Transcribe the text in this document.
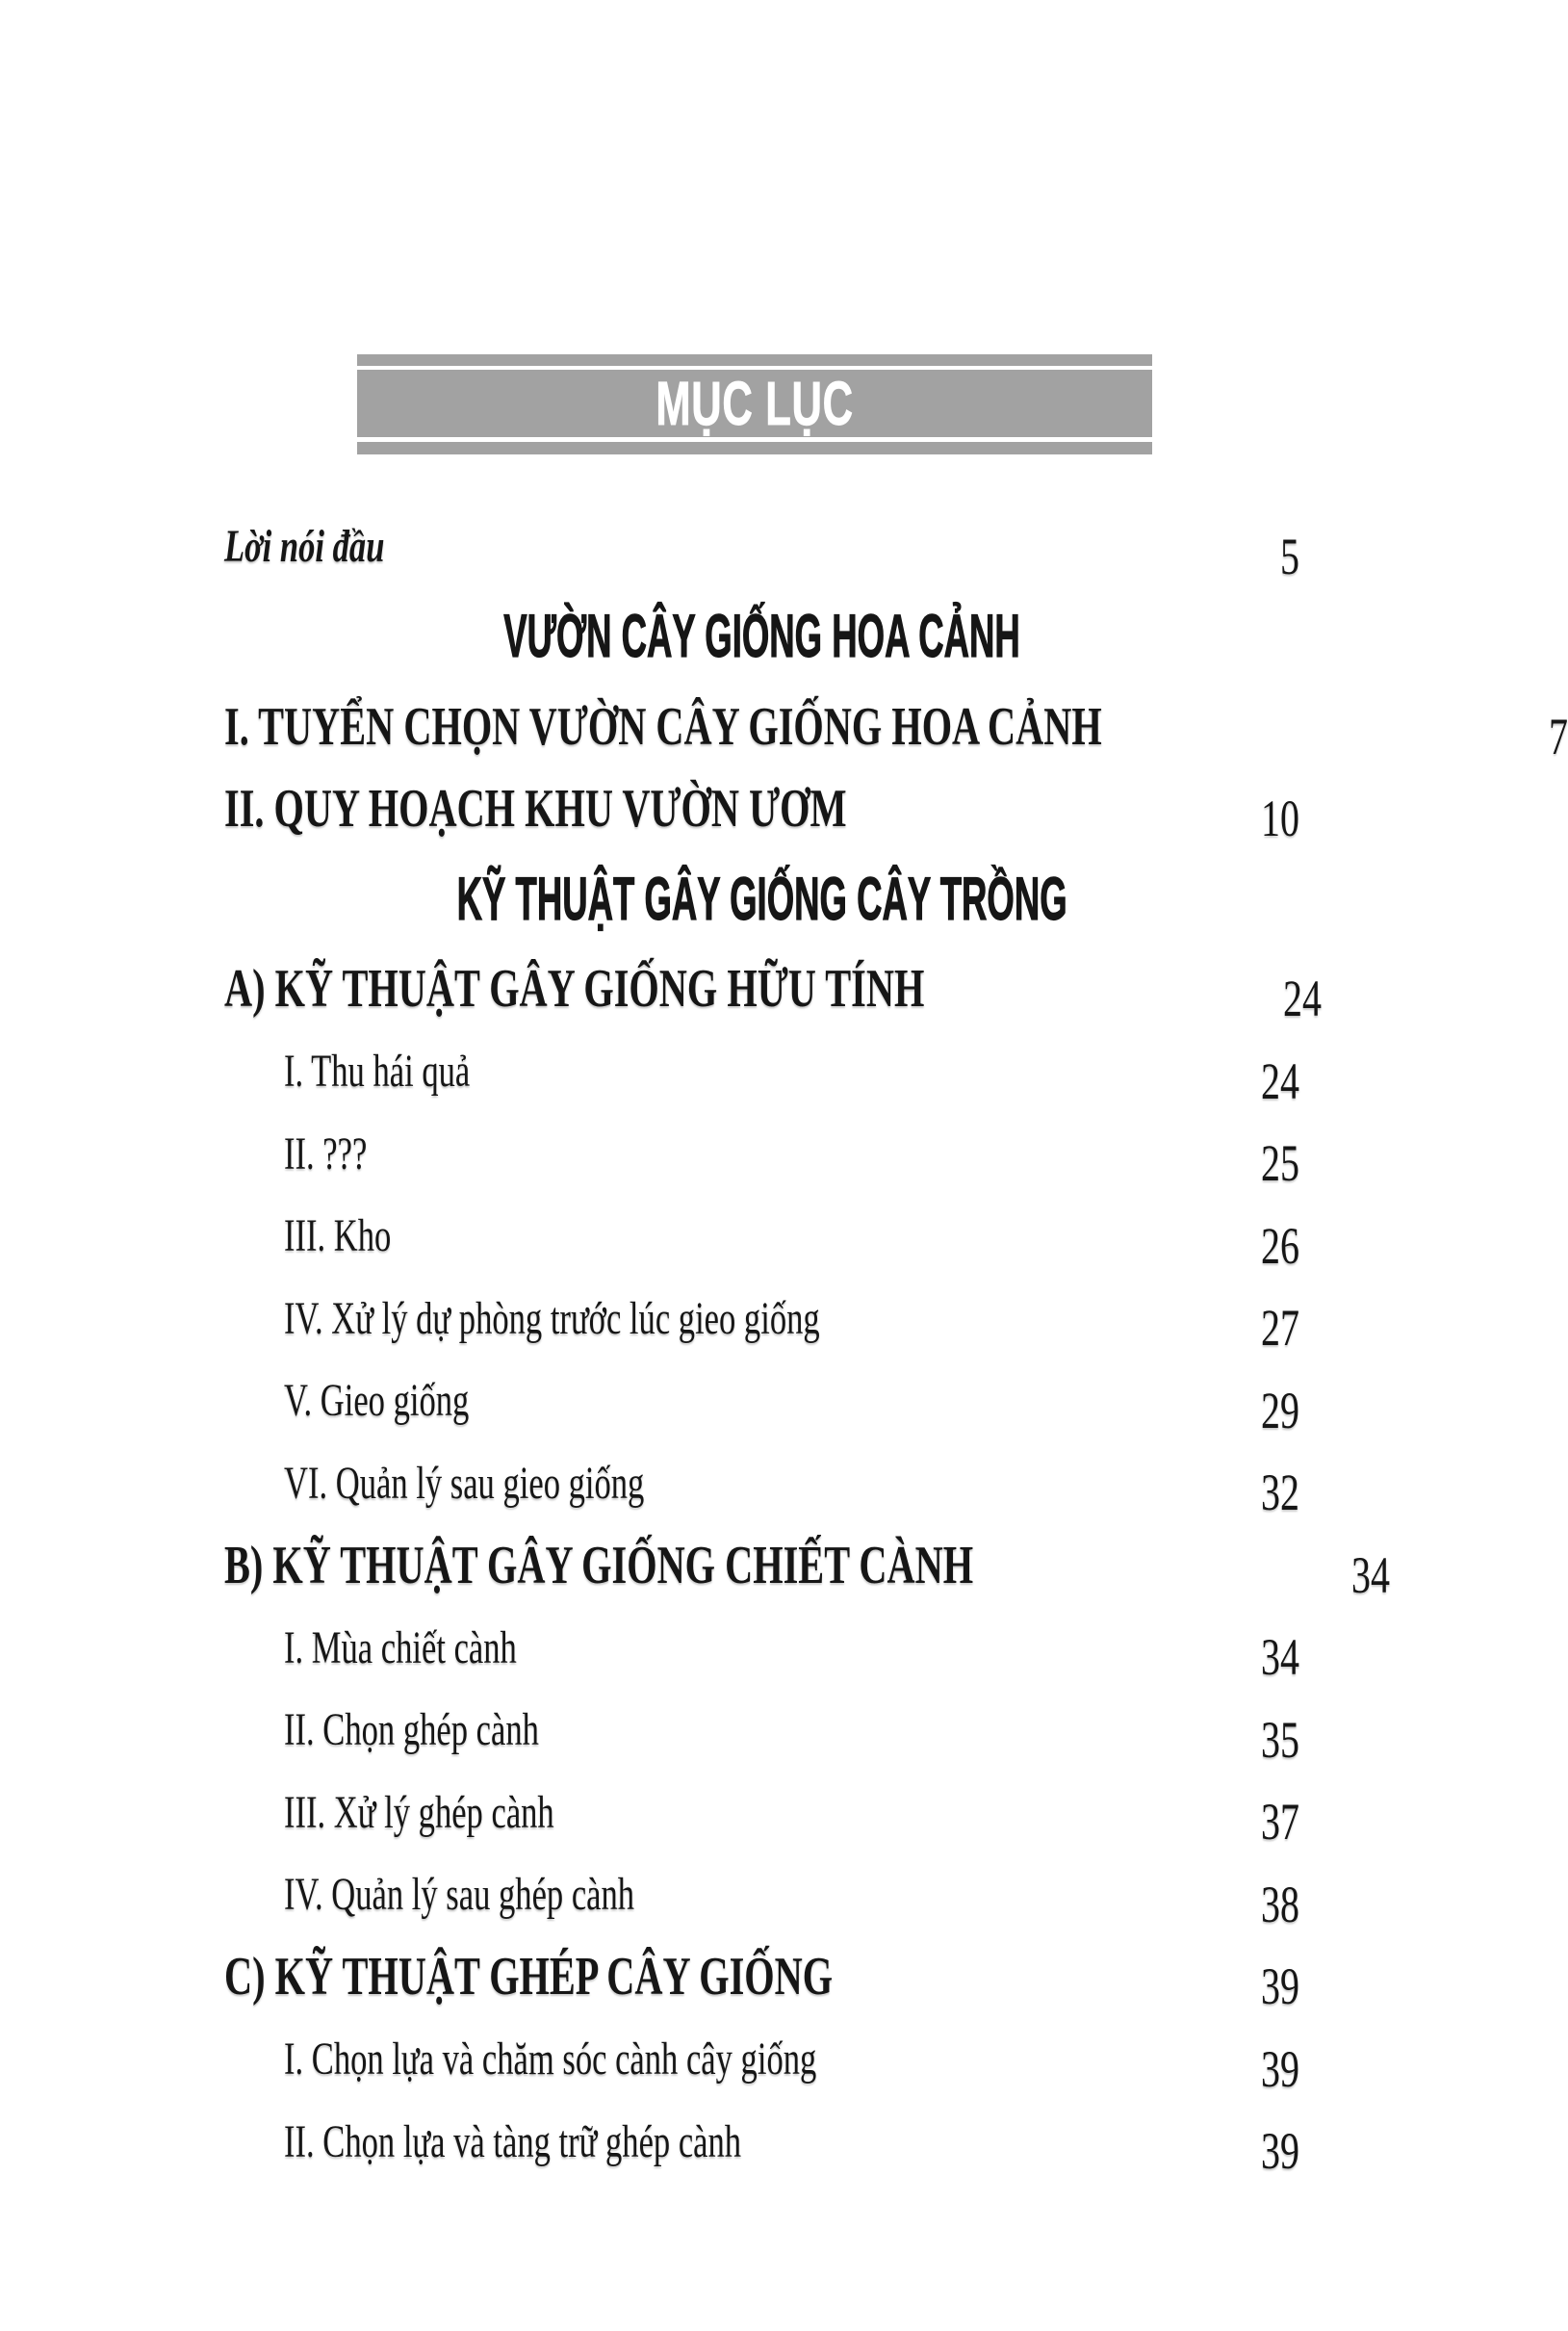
MỤC LỤC
Lời nói đầu	5
VƯỜN CÂY GIỐNG HOA CẢNH
I. TUYỂN CHỌN VƯỜN CÂY GIỐNG HOA CẢNH	7
II. QUY HOẠCH KHU VƯỜN ƯƠM	10
KỸ THUẬT GÂY GIỐNG CÂY TRỒNG
A) KỸ THUẬT GÂY GIỐNG HỮU TÍNH	24
I. Thu hái quả	24
II. ???	25
III. Kho	26
IV. Xử lý dự phòng trước lúc gieo giống	27
V. Gieo giống	29
VI. Quản lý sau gieo giống	32
B) KỸ THUẬT GÂY GIỐNG CHIẾT CÀNH	34
I. Mùa chiết cành	34
II. Chọn ghép cành	35
III. Xử lý ghép cành	37
IV. Quản lý sau ghép cành	38
C) KỸ THUẬT GHÉP CÂY GIỐNG	39
I. Chọn lựa và chăm sóc cành cây giống	39
II. Chọn lựa và tàng trữ ghép cành	39
